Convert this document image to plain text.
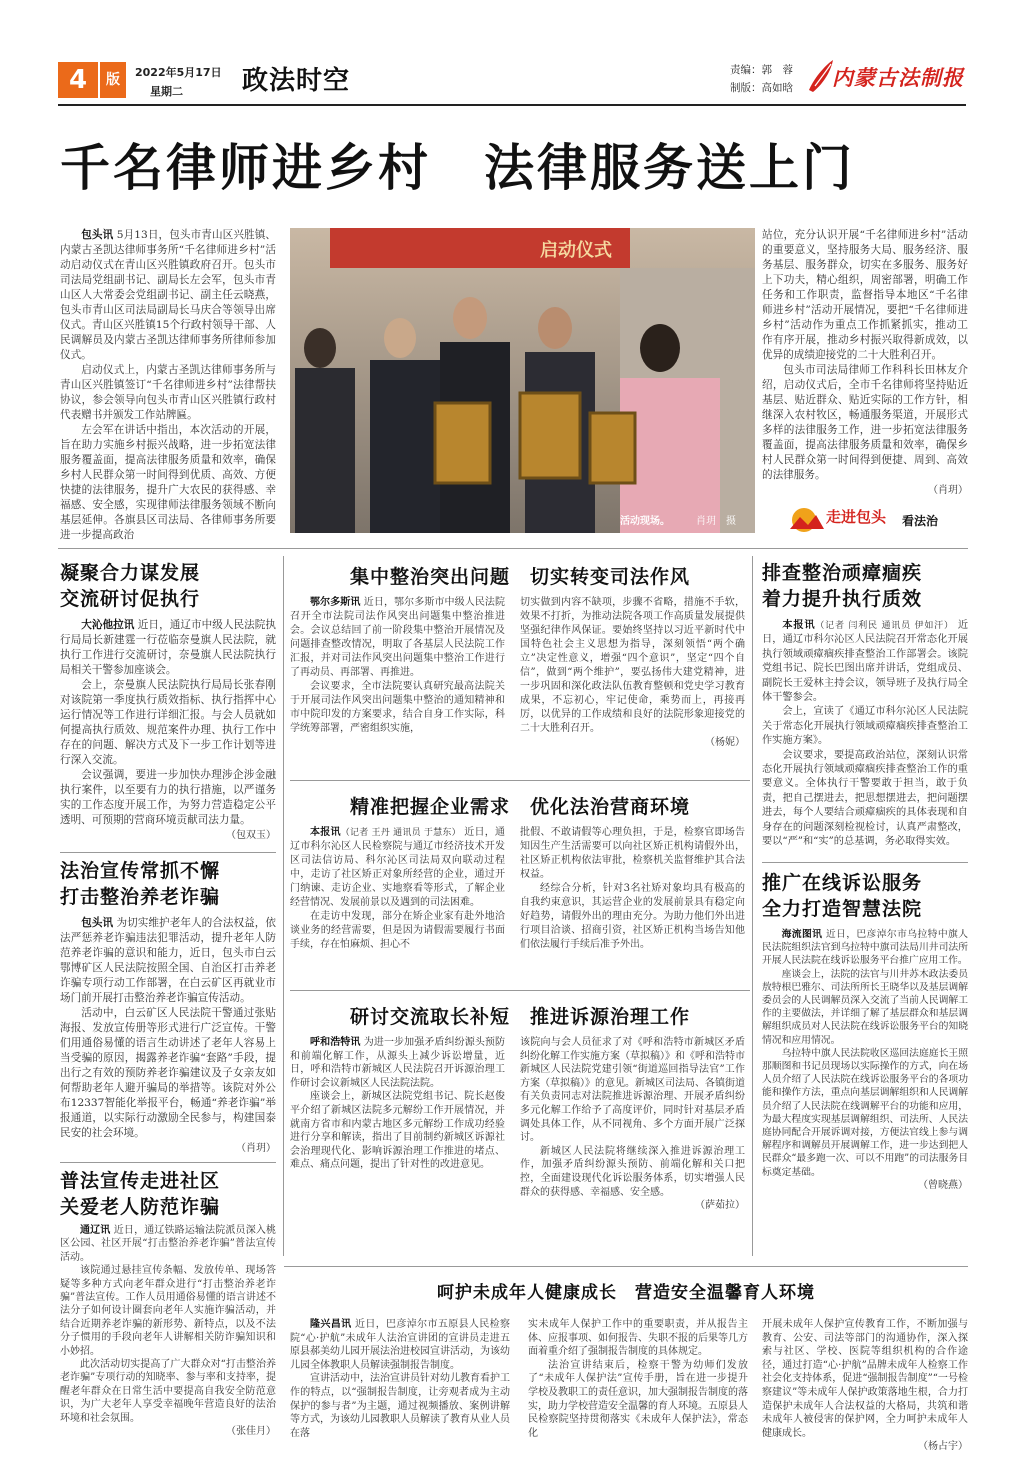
4	版	2022年5月17日
星期二 政法时空	责编：郭　蓉
制版：高如晗 内蒙古法制报
千名律师进乡村　法律服务送上门

包头讯 5月13日，包头市青山区兴胜镇、内蒙古圣凯达律师事务所“千名律师进乡村”活动启动仪式在青山区兴胜镇政府召开。包头市司法局党组副书记、副局长左会军，包头市青山区人大常委会党组副书记、副主任云晓燕，包头市青山区司法局副局长马庆合等领导出席仪式。青山区兴胜镇15个行政村领导干部、人民调解员及内蒙古圣凯达律师事务所律师参加仪式。

启动仪式上，内蒙古圣凯达律师事务所与青山区兴胜镇签订“千名律师进乡村”法律帮扶协议，参会领导向包头市青山区兴胜镇行政村代表赠书并颁发工作站牌匾。

左会军在讲话中指出，本次活动的开展，旨在助力实施乡村振兴战略，进一步拓宽法律服务覆盖面，提高法律服务质量和效率，确保乡村人民群众第一时间得到优质、高效、方便快捷的法律服务，提升广大农民的获得感、幸福感、安全感，实现律师法律服务领域不断向基层延伸。各旗县区司法局、各律师事务所要进一步提高政治

启动仪式
活动现场。	肖玥　摄

站位，充分认识开展“千名律师进乡村”活动的重要意义，坚持服务大局、服务经济、服务基层、服务群众，切实在多服务、服务好上下功夫，精心组织，周密部署，明确工作任务和工作职责，监督指导本地区“千名律师进乡村”活动开展情况，要把“千名律师进乡村”活动作为重点工作抓紧抓实，推动工作有序开展，推动乡村振兴取得新成效，以优异的成绩迎接党的二十大胜利召开。

包头市司法局律师工作科科长田林友介绍，启动仪式后，全市千名律师将坚持贴近基层、贴近群众、贴近实际的工作方针，相继深入农村牧区，畅通服务渠道，开展形式多样的法律服务工作，进一步拓宽法律服务覆盖面，提高法律服务质量和效率，确保乡村人民群众第一时间得到便捷、周到、高效的法律服务。

（肖玥）
走进包头 看法治
凝聚合力谋发展
交流研讨促执行

大沁他拉讯 近日，通辽市中级人民法院执行局局长新建霆一行莅临奈曼旗人民法院，就执行工作进行交流研讨，奈曼旗人民法院执行局相关干警参加座谈会。

会上，奈曼旗人民法院执行局局长张春刚对该院第一季度执行质效指标、执行指挥中心运行情况等工作进行详细汇报。与会人员就如何提高执行质效、规范案件办理、执行工作中存在的问题、解决方式及下一步工作计划等进行深入交流。

会议强调，要进一步加快办理涉企涉金融执行案件，以至要有力的执行措施，以严谨务实的工作态度开展工作，为努力营造稳定公平透明、可预期的营商环境贡献司法力量。

（包双玉）
法治宣传常抓不懈
打击整治养老诈骗

包头讯 为切实维护老年人的合法权益，依法严惩养老诈骗违法犯罪活动，提升老年人防范养老诈骗的意识和能力，近日，包头市白云鄂博矿区人民法院按照全国、自治区打击养老诈骗专项行动工作部署，在白云矿区再就业市场门前开展打击整治养老诈骗宣传活动。

活动中，白云矿区人民法院干警通过张贴海报、发放宣传册等形式进行广泛宣传。干警们用通俗易懂的语言生动讲述了老年人容易上当受骗的原因，揭露养老诈骗“套路”手段，提出行之有效的预防养老诈骗建议及子女亲友如何帮助老年人避开骗局的举措等。该院对外公布12337智能化举报平台，畅通“养老诈骗”举报通道，以实际行动激励全民参与，构建国泰民安的社会环境。

（肖玥）
普法宣传走进社区
关爱老人防范诈骗

通辽讯 近日，通辽铁路运输法院派员深入桃区公园、社区开展“打击整治养老诈骗”普法宣传活动。

该院通过悬挂宣传条幅、发放传单、现场答疑等多种方式向老年群众进行“打击整治养老诈骗”普法宣传。工作人员用通俗易懂的语言讲述不法分子如何设计圈套向老年人实施诈骗活动，并结合近期养老诈骗的新形势、新特点，以及不法分子惯用的手段向老年人讲解相关防诈骗知识和小妙招。

此次活动切实提高了广大群众对“打击整治养老诈骗”专项行动的知晓率、参与率和支持率，提醒老年群众在日常生活中要提高自我安全防范意识，为广大老年人享受幸福晚年营造良好的法治环境和社会氛围。

（张佳月）
集中整治突出问题　切实转变司法作风

鄂尔多斯讯 近日，鄂尔多斯市中级人民法院召开全市法院司法作风突出问题集中整治推进会。会议总结回了前一阶段集中整治开展情况及问题排查整改情况，明取了各基层人民法院工作汇报，并对司法作风突出问题集中整治工作进行了再动员、再部署、再推进。

会议要求，全市法院要认真研究最高法院关于开展司法作风突出问题集中整治的通知精神和市中院印发的方案要求，结合自身工作实际，科学统筹部署，严密组织实施，

切实做到内容不缺项，步骤不省略，措施不手软，效果不打折，为推动法院各项工作高质量发展提供坚强纪律作风保证。要始终坚持以习近平新时代中国特色社会主义思想为指导，深刻领悟“两个确立”决定性意义，增强“四个意识”，坚定“四个自信”，做到“两个维护”，要弘扬伟大建党精神，进一步巩固和深化政法队伍教育整顿和党史学习教育成果，不忘初心，牢记使命，乘势而上，再接再厉，以优异的工作成绩和良好的法院形象迎接党的二十大胜利召开。

（杨妮）
精准把握企业需求　优化法治营商环境

本报讯（记者 王丹 通讯员 于慧东） 近日，通辽市科尔沁区人民检察院与通辽市经济技术开发区司法信访局、科尔沁区司法局双向联动过程中，走访了社区矫正对象所经营的企业，通过开门纳谏、走访企业、实地察看等形式，了解企业经营情况、发展前景以及遇到的司法困难。

在走访中发现，部分在矫企业家有赴外地洽谈业务的经营需要，但是因为请假需要履行书面手续，存在怕麻烦、担心不

批假、不敢请假等心理负担，于是，检察官即场告知因生产生活需要可以向社区矫正机构请假外出，社区矫正机构依法审批，检察机关监督维护其合法权益。

经综合分析，针对3名社矫对象均具有极高的自我约束意识，其运营企业的发展前景具有稳定向好趋势，请假外出的理由充分。为助力他们外出进行项目洽谈、招商引资，社区矫正机构当场告知他们依法履行手续后准予外出。

研讨交流取长补短　推进诉源治理工作

呼和浩特讯 为进一步加强矛盾纠纷源头预防和前端化解工作，从源头上减少诉讼增量，近日，呼和浩特市新城区人民法院召开诉源治理工作研讨会议新城区人民法院法院。

座谈会上，新城区法院党组书记、院长赵俊平介绍了新城区法院多元解纷工作开展情况，并就南方省市和内蒙古地区多元解纷工作成功经验进行分享和解读，指出了目前制约新城区诉源社会治理现代化、影响诉源治理工作推进的堵点、难点、痛点问题，提出了针对性的改进意见。

该院向与会人员征求了对《呼和浩特市新城区矛盾纠纷化解工作实施方案（草拟稿）》和《呼和浩特市新城区人民法院党建引领“街道巡回指导法官”工作方案（草拟稿）》的意见。新城区司法局、各镇街道有关负责同志对法院推进诉源治理、开展矛盾纠纷多元化解工作给予了高度评价，同时针对基层矛盾调处具体工作，从不同视角、多个方面开展广泛探讨。

新城区人民法院将继续深入推进诉源治理工作，加强矛盾纠纷源头预防、前端化解和关口把控，全面建设现代化诉讼服务体系，切实增强人民群众的获得感、幸福感、安全感。

（萨茹拉）
排查整治顽瘴痼疾
着力提升执行质效

本报讯（记者 闫利民 通讯员 伊如汗） 近日，通辽市科尔沁区人民法院召开常态化开展执行领域顽瘴痼疾排查整治工作部署会。该院党组书记、院长巴图出席并讲话，党组成员、副院长王爱林主持会议，领导班子及执行局全体干警参会。

会上，宣读了《通辽市科尔沁区人民法院关于常态化开展执行领域顽瘴痼疾排查整治工作实施方案》。

会议要求，要提高政治站位，深刻认识常态化开展执行领域顽瘴痼疾排查整治工作的重要意义。全体执行干警要敢于担当，敢于负责，把自己摆进去，把思想摆进去，把问题摆进去，每个人要结合顽瘴痼疾的具体表现和自身存在的问题深刻检视检讨，认真严肃整改，要以“严”和“实”的总基调，务必取得实效。

推广在线诉讼服务
全力打造智慧法院

海流图讯 近日，巴彦淖尔市乌拉特中旗人民法院组织法官到乌拉特中旗司法局川井司法所开展人民法院在线诉讼服务平台推广应用工作。

座谈会上，法院的法官与川井苏木政法委员敖特根巴雅尔、司法所所长王晓华以及基层调解委员会的人民调解员深入交流了当前人民调解工作的主要做法，并详细了解了基层群众和基层调解组织成员对人民法院在线诉讼服务平台的知晓情况和应用情况。

乌拉特中旗人民法院收区巡回法庭庭长王照那顺图和书记员现场以实际操作的方式，向在场人员介绍了人民法院在线诉讼服务平台的各项功能和操作方法，重点向基层调解组织和人民调解员介绍了人民法院在线调解平台的功能和应用，为最大程度实现基层调解组织、司法所、人民法庭协同配合开展诉调对接，方便法官线上参与调解程序和调解员开展调解工作，进一步达到把人民群众“最多跑一次、可以不用跑”的司法服务目标奠定基础。

（曾晓燕）
呵护未成年人健康成长　营造安全温馨育人环境

隆兴昌讯 近日，巴彦淖尔市五原县人民检察院“心·护航”未成年人法治宣讲团的宣讲员走进五原县郝美幼儿园开展法治进校园宣讲活动，为该幼儿园全体教职人员解读强制报告制度。

宣讲活动中，法治宣讲员针对幼儿教育看护工作的特点，以“强制报告制度，让旁观者成为主动保护的参与者”为主题，通过视频播放、案例讲解等方式，为该幼儿园教职人员解读了教育从业人员在落

实未成年人保护工作中的重要职责，并从报告主体、应报事项、如何报告、失职不报的后果等几方面着重介绍了强制报告制度的具体规定。

法治宣讲结束后，检察干警为幼师们发放了“未成年人保护法”宣传手册，旨在进一步提升学校及教职工的责任意识，加大强制报告制度的落实，助力学校营造安全温馨的育人环境。五原县人民检察院坚持贯彻落实《未成年人保护法》，常态化

开展未成年人保护宣传教育工作，不断加强与教育、公安、司法等部门的沟通协作，深入探索与社区、学校、医院等组织机构的合作途径，通过打造“心·护航”品牌未成年人检察工作社会化支持体系，促进“强制报告制度”“一号检察建议”等未成年人保护政策落地生根，合力打造保护未成年人合法权益的大格局，共筑和谐未成年人被侵害的保护网，全力呵护未成年人健康成长。

（杨占宇）
